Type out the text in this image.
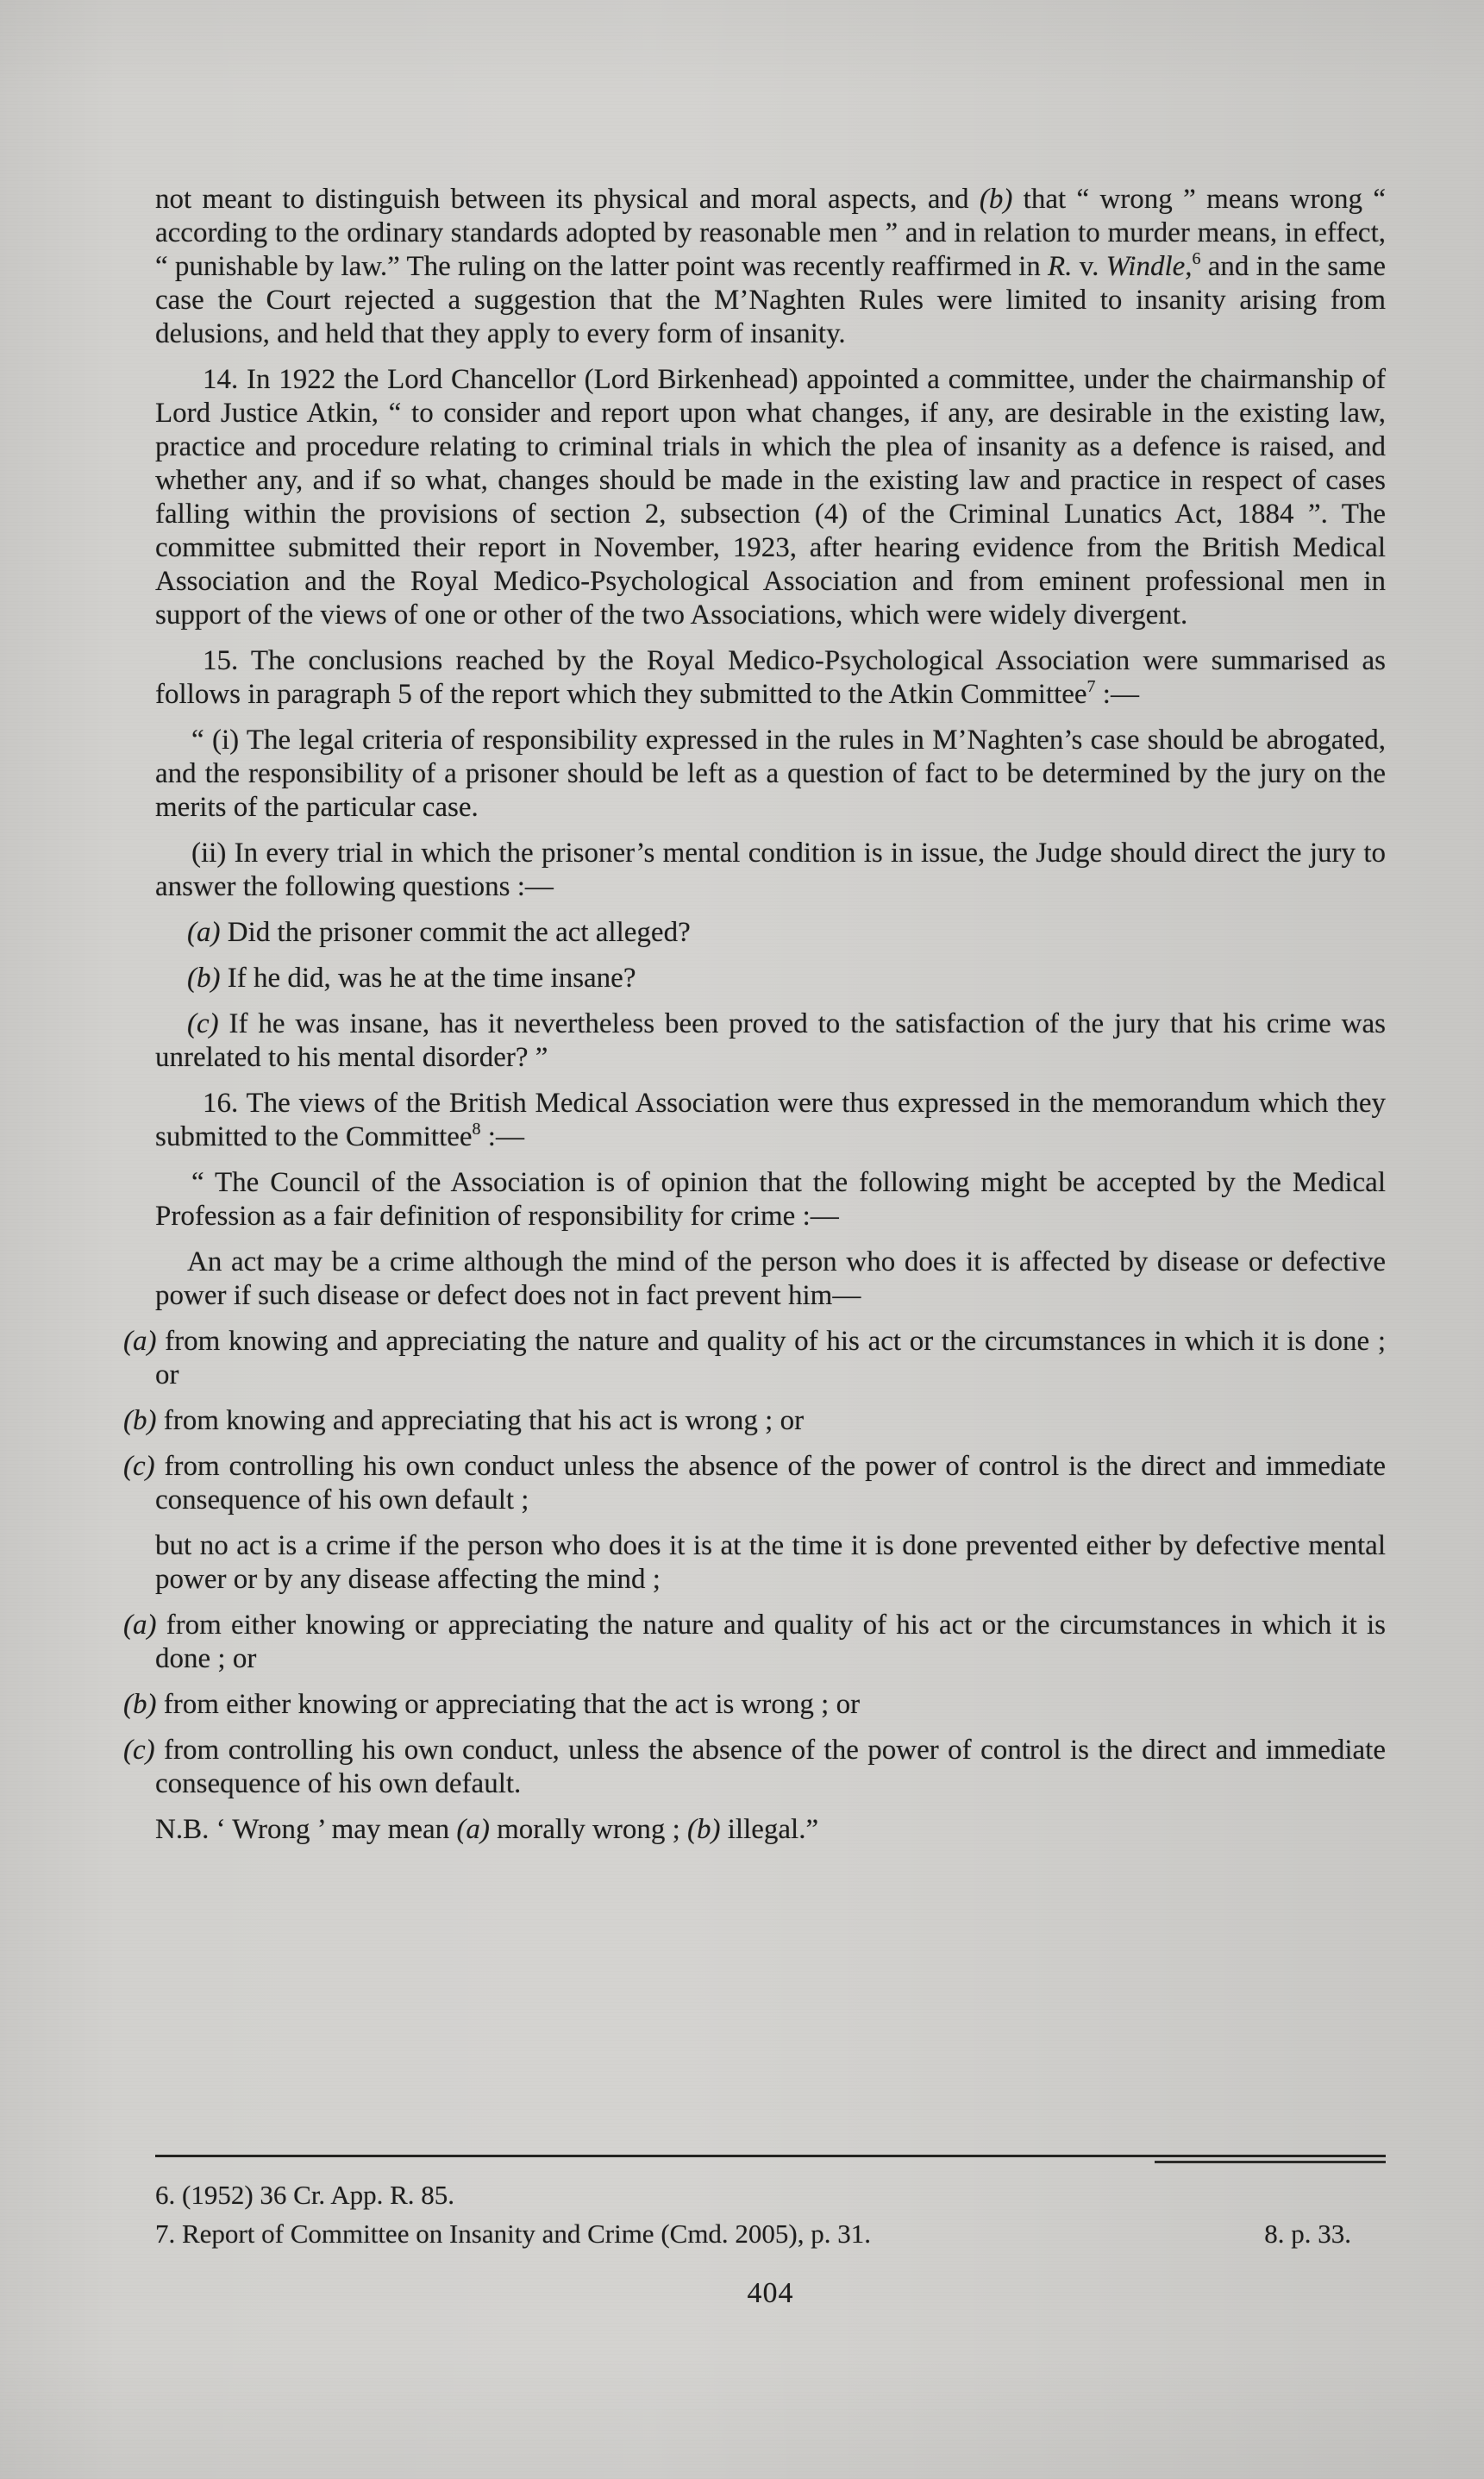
not meant to distinguish between its physical and moral aspects, and (b) that “ wrong ” means wrong “ according to the ordinary standards adopted by reasonable men ” and in relation to murder means, in effect, “ punishable by law.” The ruling on the latter point was recently reaffirmed in R. v. Windle,$^6$ and in the same case the Court rejected a suggestion that the M’Naghten Rules were limited to insanity arising from delusions, and held that they apply to every form of insanity.

14. In 1922 the Lord Chancellor (Lord Birkenhead) appointed a committee, under the chairmanship of Lord Justice Atkin, “ to consider and report upon what changes, if any, are desirable in the existing law, practice and procedure relating to criminal trials in which the plea of insanity as a defence is raised, and whether any, and if so what, changes should be made in the existing law and practice in respect of cases falling within the provisions of section 2, subsection (4) of the Criminal Lunatics Act, 1884 ”. The committee submitted their report in November, 1923, after hearing evidence from the British Medical Association and the Royal Medico-Psychological Association and from eminent professional men in support of the views of one or other of the two Associations, which were widely divergent.

15. The conclusions reached by the Royal Medico-Psychological Association were summarised as follows in paragraph 5 of the report which they submitted to the Atkin Committee$^7$ :—

“ (i) The legal criteria of responsibility expressed in the rules in M’Naghten’s case should be abrogated, and the responsibility of a prisoner should be left as a question of fact to be determined by the jury on the merits of the particular case.

(ii) In every trial in which the prisoner’s mental condition is in issue, the Judge should direct the jury to answer the following questions :—

(a) Did the prisoner commit the act alleged?

(b) If he did, was he at the time insane?

(c) If he was insane, has it nevertheless been proved to the satisfaction of the jury that his crime was unrelated to his mental disorder? ”

16. The views of the British Medical Association were thus expressed in the memorandum which they submitted to the Committee$^8$ :—

“ The Council of the Association is of opinion that the following might be accepted by the Medical Profession as a fair definition of responsibility for crime :—

An act may be a crime although the mind of the person who does it is affected by disease or defective power if such disease or defect does not in fact prevent him—

(a) from knowing and appreciating the nature and quality of his act or the circumstances in which it is done ; or

(b) from knowing and appreciating that his act is wrong ; or

(c) from controlling his own conduct unless the absence of the power of control is the direct and immediate consequence of his own default ;

but no act is a crime if the person who does it is at the time it is done prevented either by defective mental power or by any disease affecting the mind ;

(a) from either knowing or appreciating the nature and quality of his act or the circumstances in which it is done ; or

(b) from either knowing or appreciating that the act is wrong ; or

(c) from controlling his own conduct, unless the absence of the power of control is the direct and immediate consequence of his own default.

N.B. ‘ Wrong ’ may mean (a) morally wrong ; (b) illegal.”

6. (1952) 36 Cr. App. R. 85.
7. Report of Committee on Insanity and Crime (Cmd. 2005), p. 31.	8. p. 33.
404
